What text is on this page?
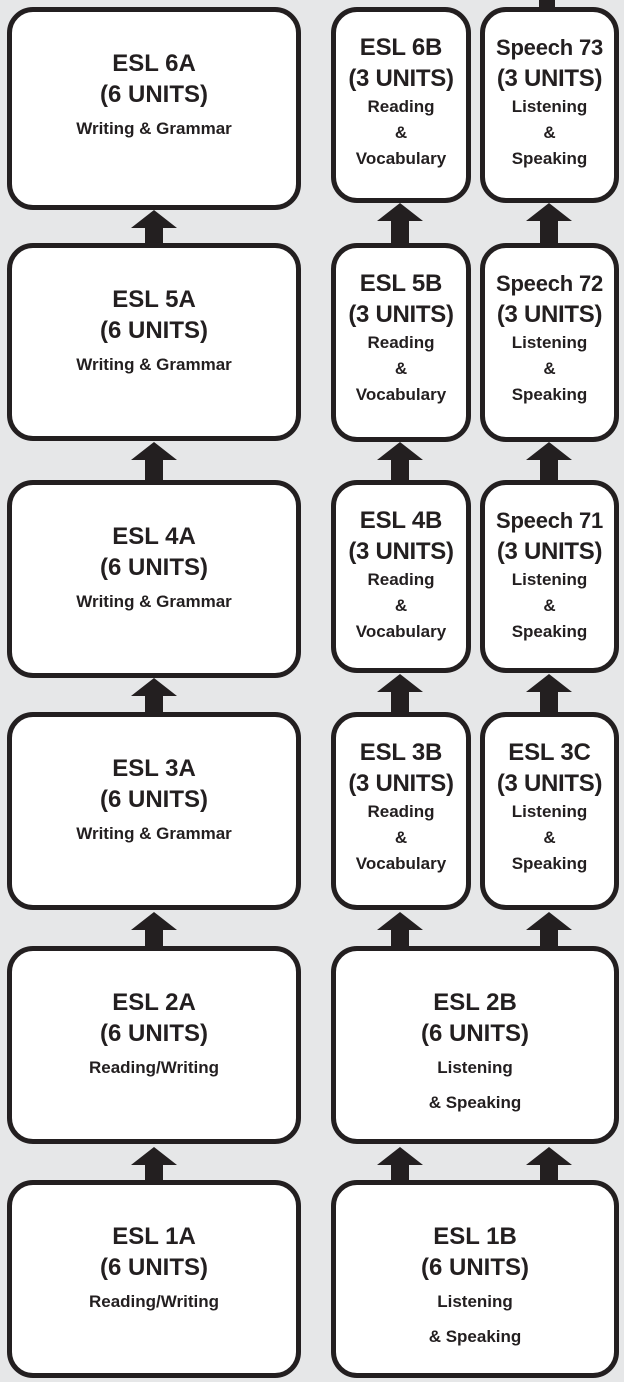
ESL 6A
(6 UNITS)
Writing & Grammar
ESL 6B
(3 UNITS)
Reading
&
Vocabulary
Speech 73
(3 UNITS)
Listening
&
Speaking
ESL 5A
(6 UNITS)
Writing & Grammar
ESL 5B
(3 UNITS)
Reading
&
Vocabulary
Speech 72
(3 UNITS)
Listening
&
Speaking
ESL 4A
(6 UNITS)
Writing & Grammar
ESL 4B
(3 UNITS)
Reading
&
Vocabulary
Speech 71
(3 UNITS)
Listening
&
Speaking
ESL 3A
(6 UNITS)
Writing & Grammar
ESL 3B
(3 UNITS)
Reading
&
Vocabulary
ESL 3C
(3 UNITS)
Listening
&
Speaking
ESL 2A
(6 UNITS)
Reading/Writing
ESL 2B
(6 UNITS)
Listening
& Speaking
ESL 1A
(6 UNITS)
Reading/Writing
ESL 1B
(6 UNITS)
Listening
& Speaking
